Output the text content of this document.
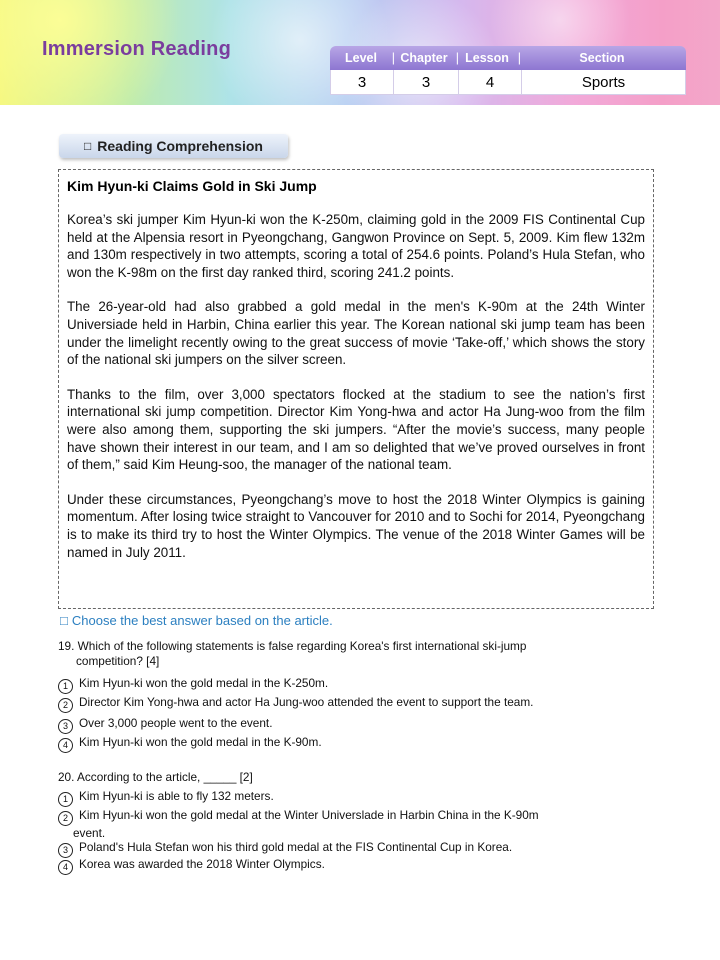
Immersion Reading	Level |	Chapter |	Lesson |	Section
3	3	4	Sports
□ Reading Comprehension
Kim Hyun-ki Claims Gold in Ski Jump

Korea’s ski jumper Kim Hyun-ki won the K-250m, claiming gold in the 2009 FIS Continental Cup held at the Alpensia resort in Pyeongchang, Gangwon Province on Sept. 5, 2009. Kim flew 132m and 130m respectively in two attempts, scoring a total of 254.6 points. Poland’s Hula Stefan, who won the K-98m on the first day ranked third, scoring 241.2 points.

The 26-year-old had also grabbed a gold medal in the men's K-90m at the 24th Winter Universiade held in Harbin, China earlier this year. The Korean national ski jump team has been under the limelight recently owing to the great success of movie ‘Take-off,’ which shows the story of the national ski jumpers on the silver screen.

Thanks to the film, over 3,000 spectators flocked at the stadium to see the nation’s first international ski jump competition. Director Kim Yong-hwa and actor Ha Jung-woo from the film were also among them, supporting the ski jumpers. “After the movie’s success, many people have shown their interest in our team, and I am so delighted that we’ve proved ourselves in front of them,” said Kim Heung-soo, the manager of the national team.

Under these circumstances, Pyeongchang’s move to host the 2018 Winter Olympics is gaining momentum. After losing twice straight to Vancouver for 2010 and to Sochi for 2014, Pyeongchang is to make its third try to host the Winter Olympics. The venue of the 2018 Winter Games will be named in July 2011.

□ Choose the best answer based on the article.
19. Which of the following statements is false regarding Korea's first international ski-jump
competition? [4]
1 Kim Hyun-ki won the gold medal in the K-250m.
2 Director Kim Yong-hwa and actor Ha Jung-woo attended the event to support the team.
3 Over 3,000 people went to the event.
4 Kim Hyun-ki won the gold medal in the K-90m.
20. According to the article, _____ [2]
1 Kim Hyun-ki is able to fly 132 meters.
2 Kim Hyun-ki won the gold medal at the Winter Universlade in Harbin China in the K-90m
event.
3 Poland's Hula Stefan won his third gold medal at the FIS Continental Cup in Korea.
4 Korea was awarded the 2018 Winter Olympics.
